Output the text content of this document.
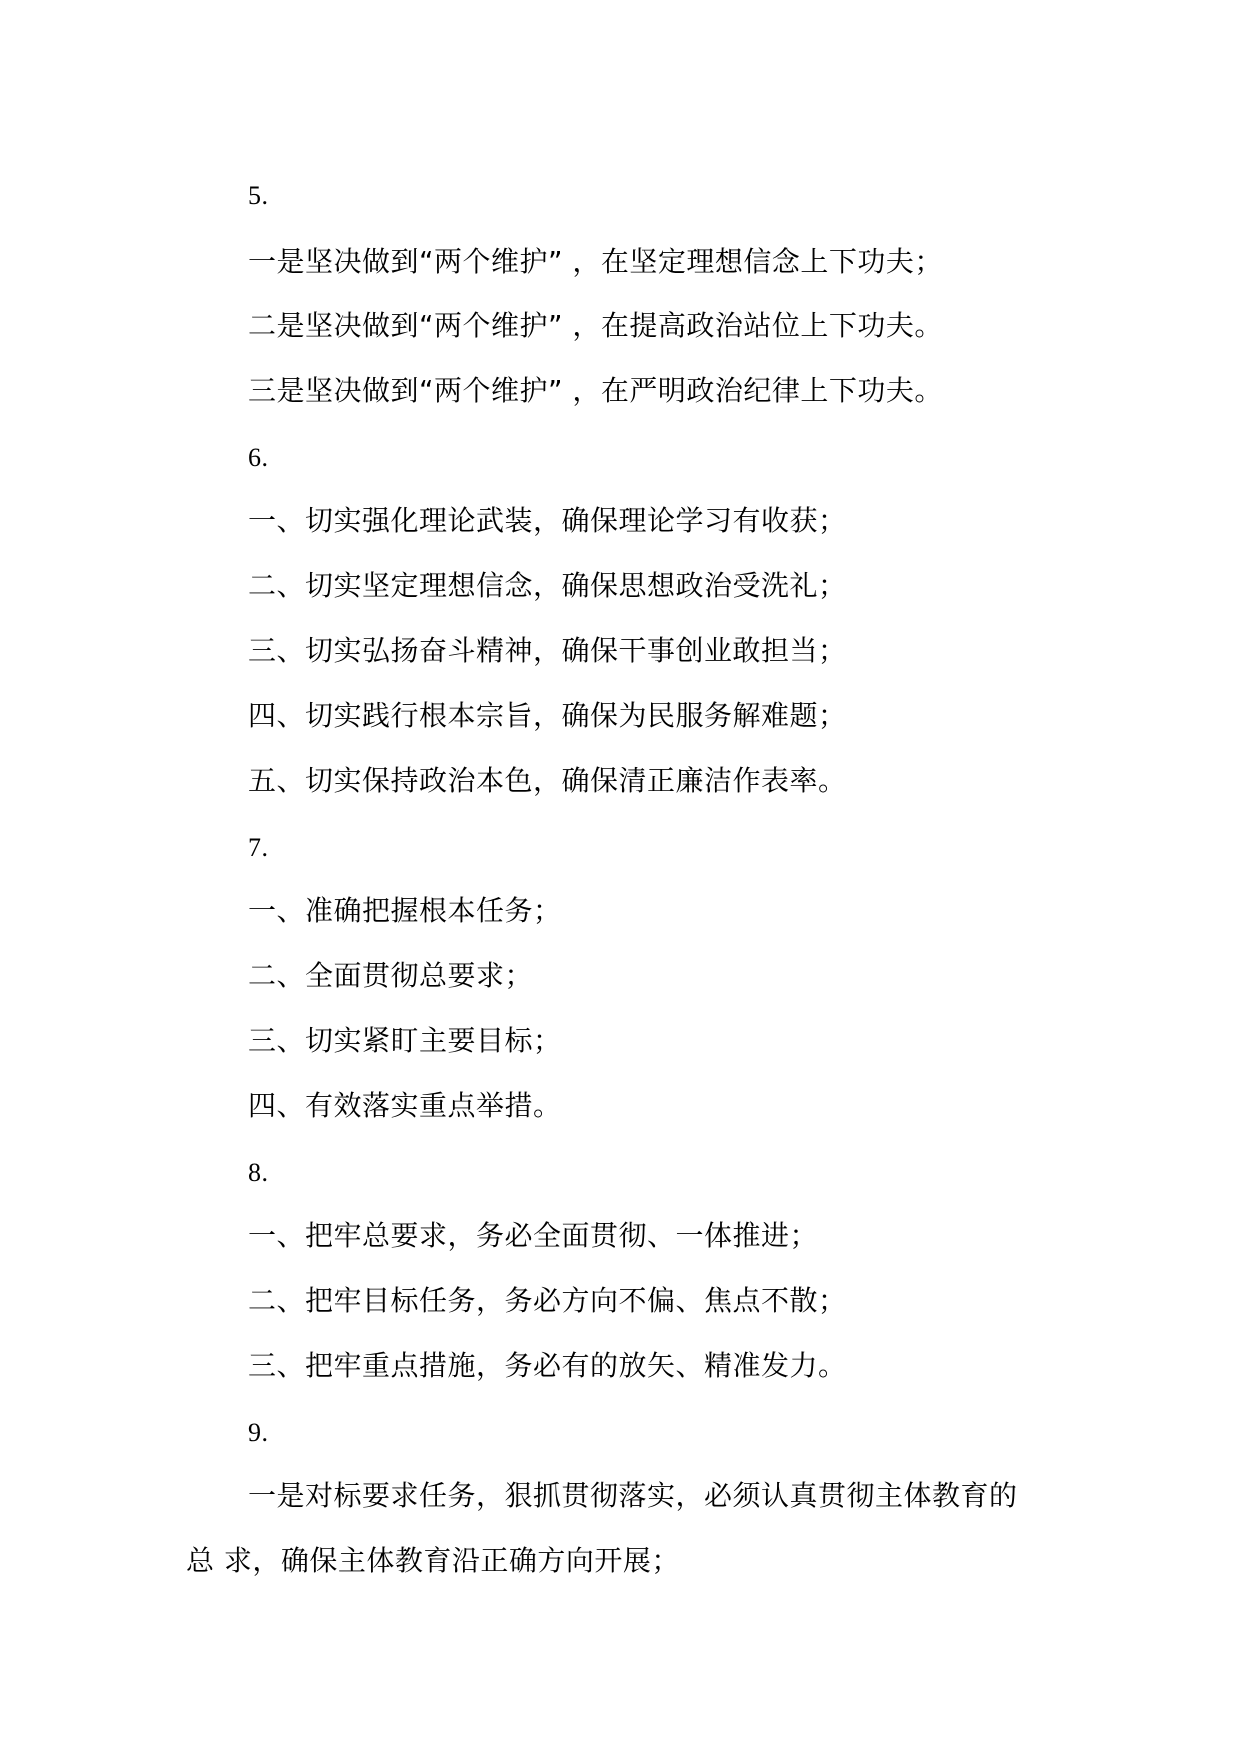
5.
一是坚决做到“两个维护” ，在坚定理想信念上下功夫；
二是坚决做到“两个维护” ，在提高政治站位上下功夫。
三是坚决做到“两个维护” ，在严明政治纪律上下功夫。
6.
一、切实强化理论武装，确保理论学习有收获；
二、切实坚定理想信念，确保思想政治受洗礼；
三、切实弘扬奋斗精神，确保干事创业敢担当；
四、切实践行根本宗旨，确保为民服务解难题；
五、切实保持政治本色，确保清正廉洁作表率。
7.
一、准确把握根本任务；
二、全面贯彻总要求；
三、切实紧盯主要目标；
四、有效落实重点举措。
8.
一、把牢总要求，务必全面贯彻、一体推进；
二、把牢目标任务，务必方向不偏、焦点不散；
三、把牢重点措施，务必有的放矢、精准发力。
9.
一是对标要求任务，狠抓贯彻落实，必须认真贯彻主体教育的
总 求，确保主体教育沿正确方向开展；
